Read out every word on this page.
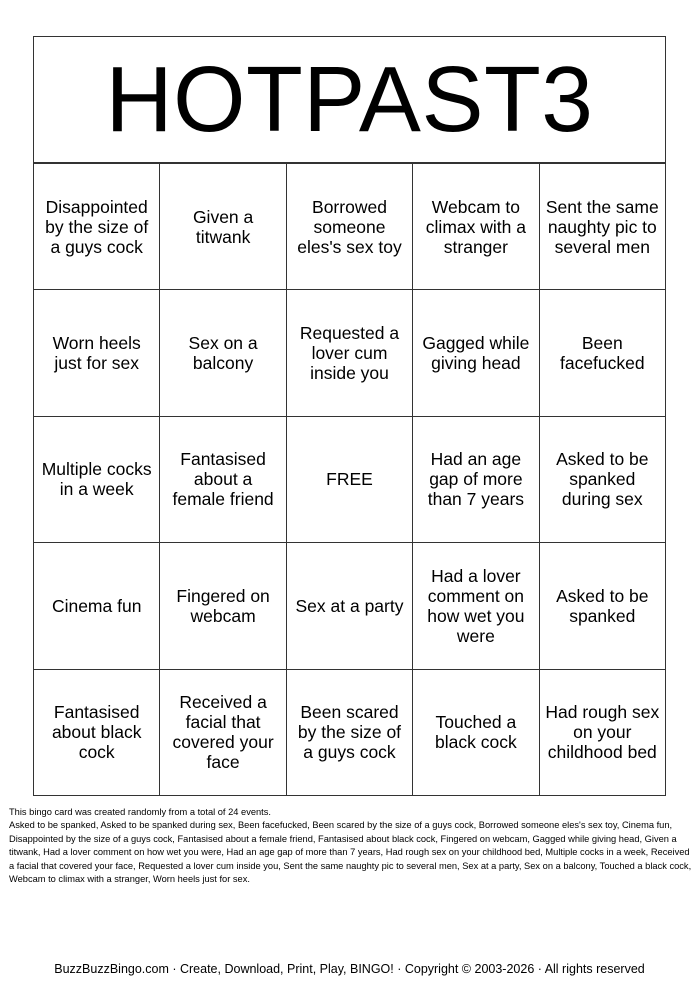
HOTPAST3
Disappointed by the size of a guys cock
Given a titwank
Borrowed someone eles's sex toy
Webcam to climax with a stranger
Sent the same naughty pic to several men
Worn heels just for sex
Sex on a balcony
Requested a lover cum inside you
Gagged while giving head
Been facefucked
Multiple cocks in a week
Fantasised about a female friend
FREE
Had an age gap of more than 7 years
Asked to be spanked during sex
Cinema fun	Fingered on webcam	Sex at a party
Had a lover comment on how wet you were
Asked to be spanked
Fantasised about black cock
Received a facial that covered your face
Been scared by the size of a guys cock
Touched a black cock
Had rough sex on your childhood bed
This bingo card was created randomly from a total of 24 events.
Asked to be spanked, Asked to be spanked during sex, Been facefucked, Been scared by the size of a guys cock, Borrowed someone eles's sex toy, Cinema fun, Disappointed by the size of a guys cock, Fantasised about a female friend, Fantasised about black cock, Fingered on webcam, Gagged while giving head, Given a titwank, Had a lover comment on how wet you were, Had an age gap of more than 7 years, Had rough sex on your childhood bed, Multiple cocks in a week, Received a facial that covered your face, Requested a lover cum inside you, Sent the same naughty pic to several men, Sex at a party, Sex on a balcony, Touched a black cock, Webcam to climax with a stranger, Worn heels just for sex.
BuzzBuzzBingo.com · Create, Download, Print, Play, BINGO! · Copyright © 2003-2026 · All rights reserved
